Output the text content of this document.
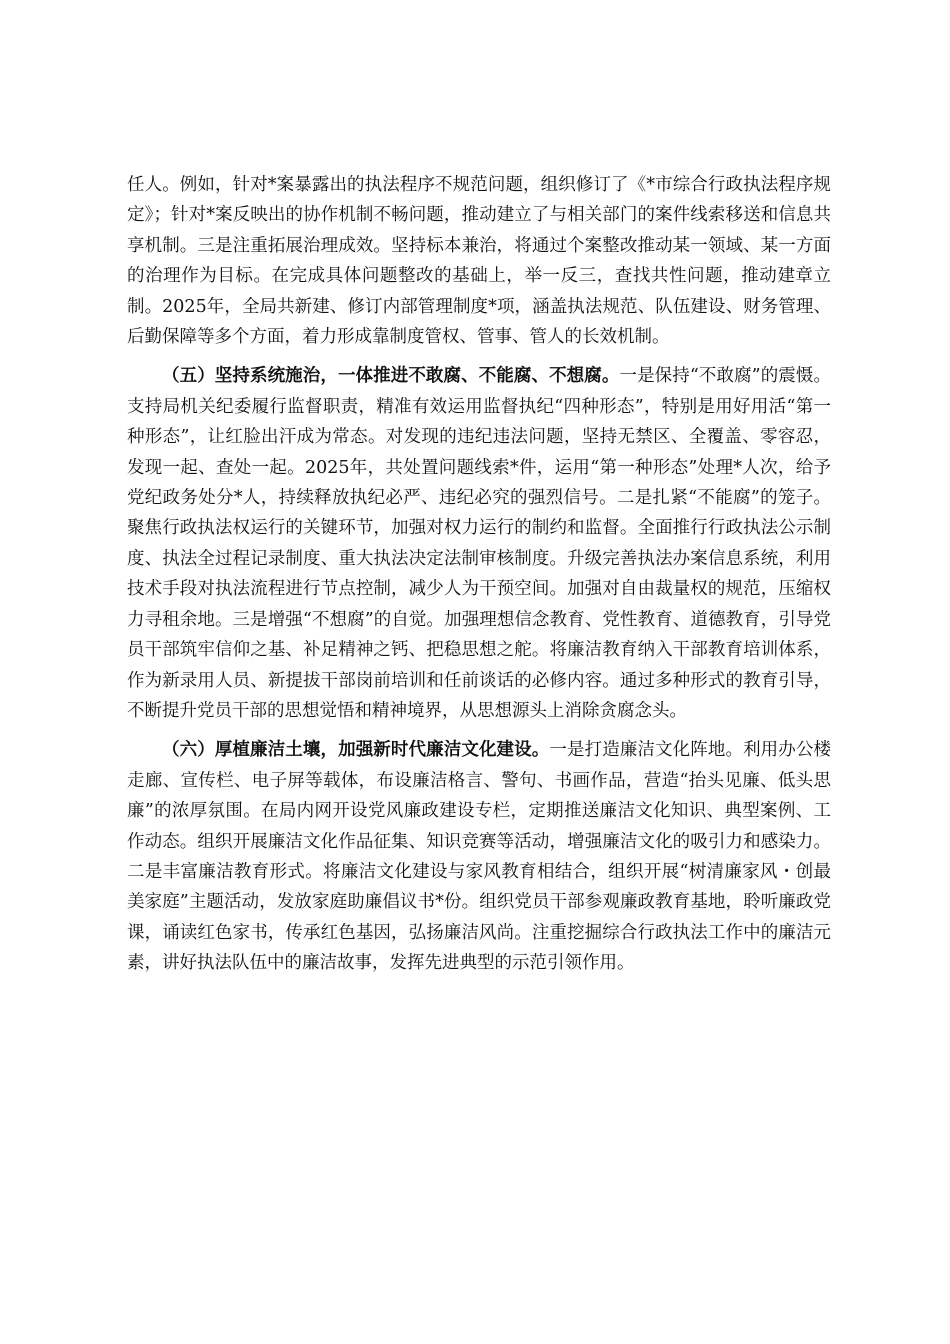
任人。例如，针对*案暴露出的执法程序不规范问题，组织修订了《*市综合行政执法程序规定》；针对*案反映出的协作机制不畅问题，推动建立了与相关部门的案件线索移送和信息共享机制。三是注重拓展治理成效。坚持标本兼治，将通过个案整改推动某一领域、某一方面的治理作为目标。在完成具体问题整改的基础上，举一反三，查找共性问题，推动建章立制。2025年，全局共新建、修订内部管理制度*项，涵盖执法规范、队伍建设、财务管理、后勤保障等多个方面，着力形成靠制度管权、管事、管人的长效机制。

（五）坚持系统施治，一体推进不敢腐、不能腐、不想腐。一是保持“不敢腐”的震慑。支持局机关纪委履行监督职责，精准有效运用监督执纪“四种形态”，特别是用好用活“第一种形态”，让红脸出汗成为常态。对发现的违纪违法问题，坚持无禁区、全覆盖、零容忍，发现一起、查处一起。2025年，共处置问题线索*件，运用“第一种形态”处理*人次，给予党纪政务处分*人，持续释放执纪必严、违纪必究的强烈信号。二是扎紧“不能腐”的笼子。聚焦行政执法权运行的关键环节，加强对权力运行的制约和监督。全面推行行政执法公示制度、执法全过程记录制度、重大执法决定法制审核制度。升级完善执法办案信息系统，利用技术手段对执法流程进行节点控制，减少人为干预空间。加强对自由裁量权的规范，压缩权力寻租余地。三是增强“不想腐”的自觉。加强理想信念教育、党性教育、道德教育，引导党员干部筑牢信仰之基、补足精神之钙、把稳思想之舵。将廉洁教育纳入干部教育培训体系，作为新录用人员、新提拔干部岗前培训和任前谈话的必修内容。通过多种形式的教育引导，不断提升党员干部的思想觉悟和精神境界，从思想源头上消除贪腐念头。

（六）厚植廉洁土壤，加强新时代廉洁文化建设。一是打造廉洁文化阵地。利用办公楼走廊、宣传栏、电子屏等载体，布设廉洁格言、警句、书画作品，营造“抬头见廉、低头思廉”的浓厚氛围。在局内网开设党风廉政建设专栏，定期推送廉洁文化知识、典型案例、工作动态。组织开展廉洁文化作品征集、知识竞赛等活动，增强廉洁文化的吸引力和感染力。二是丰富廉洁教育形式。将廉洁文化建设与家风教育相结合，组织开展“树清廉家风・创最美家庭”主题活动，发放家庭助廉倡议书*份。组织党员干部参观廉政教育基地，聆听廉政党课，诵读红色家书，传承红色基因，弘扬廉洁风尚。注重挖掘综合行政执法工作中的廉洁元素，讲好执法队伍中的廉洁故事，发挥先进典型的示范引领作用。
